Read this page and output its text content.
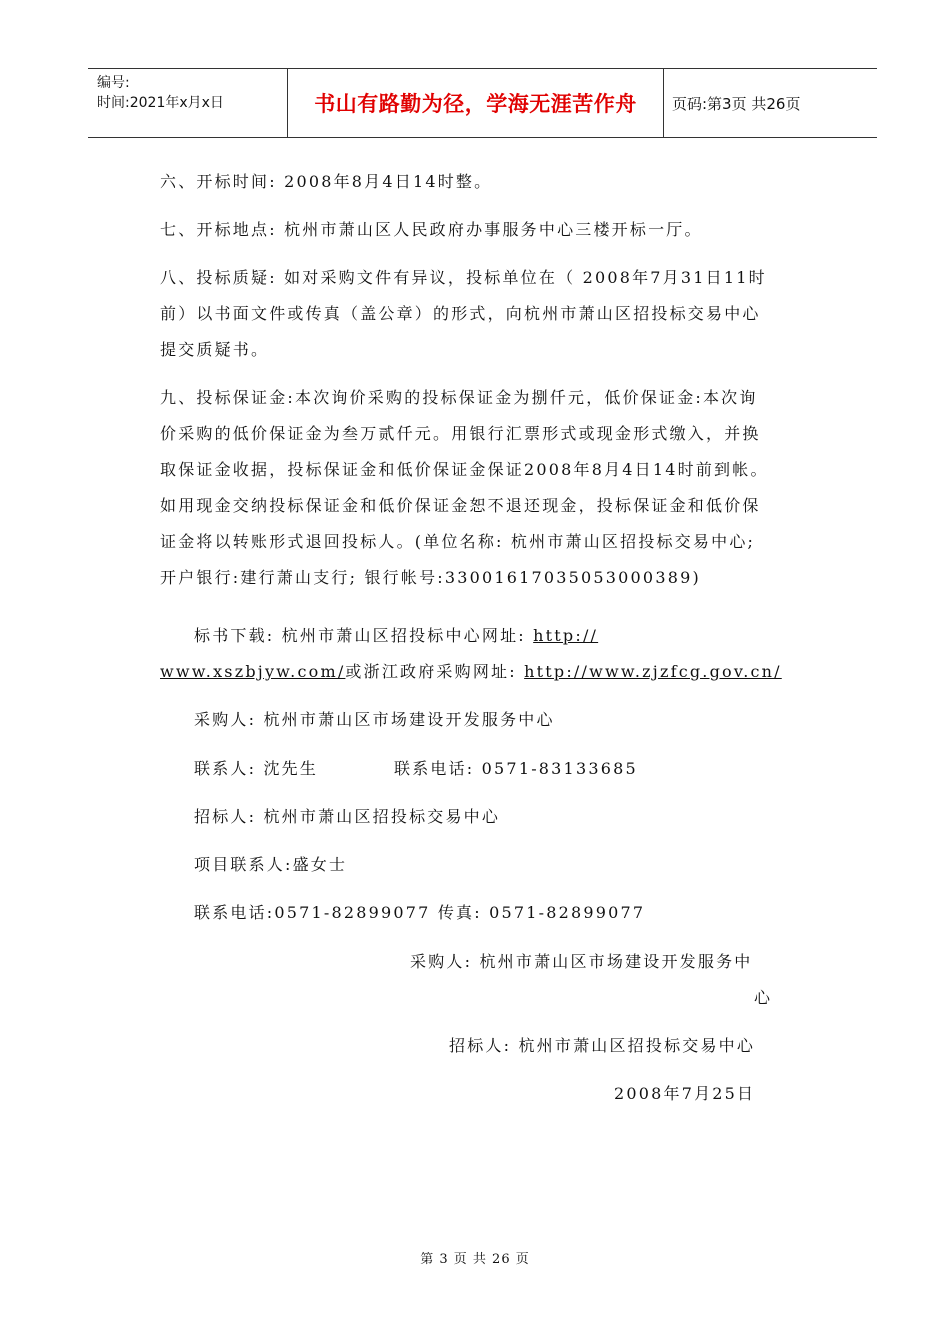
编号:
时间:2021年x月x日	书山有路勤为径，学海无涯苦作舟	页码:第3页 共26页
六、开标时间: 2008年8月4日14时整。
七、开标地点: 杭州市萧山区人民政府办事服务中心三楼开标一厅。
八、投标质疑: 如对采购文件有异议，投标单位在（ 2008年7月31日11时
前）以书面文件或传真（盖公章）的形式，向杭州市萧山区招投标交易中心
提交质疑书。
九、投标保证金:本次询价采购的投标保证金为捌仟元，低价保证金:本次询
价采购的低价保证金为叁万贰仟元。用银行汇票形式或现金形式缴入，并换
取保证金收据，投标保证金和低价保证金保证2008年8月4日14时前到帐。
如用现金交纳投标保证金和低价保证金恕不退还现金，投标保证金和低价保
证金将以转账形式退回投标人。(单位名称: 杭州市萧山区招投标交易中心;
开户银行:建行萧山支行; 银行帐号:33001617035053000389)
标书下载: 杭州市萧山区招投标中心网址: http://
www.xszbjyw.com/或浙江政府采购网址: http://www.zjzfcg.gov.cn/
采购人: 杭州市萧山区市场建设开发服务中心
联系人: 沈先生	联系电话: 0571-83133685
招标人: 杭州市萧山区招投标交易中心
项目联系人:盛女士
联系电话:0571-82899077 传真: 0571-82899077
采购人: 杭州市萧山区市场建设开发服务中
心
招标人: 杭州市萧山区招投标交易中心
2008年7月25日
第 3 页 共 26 页
